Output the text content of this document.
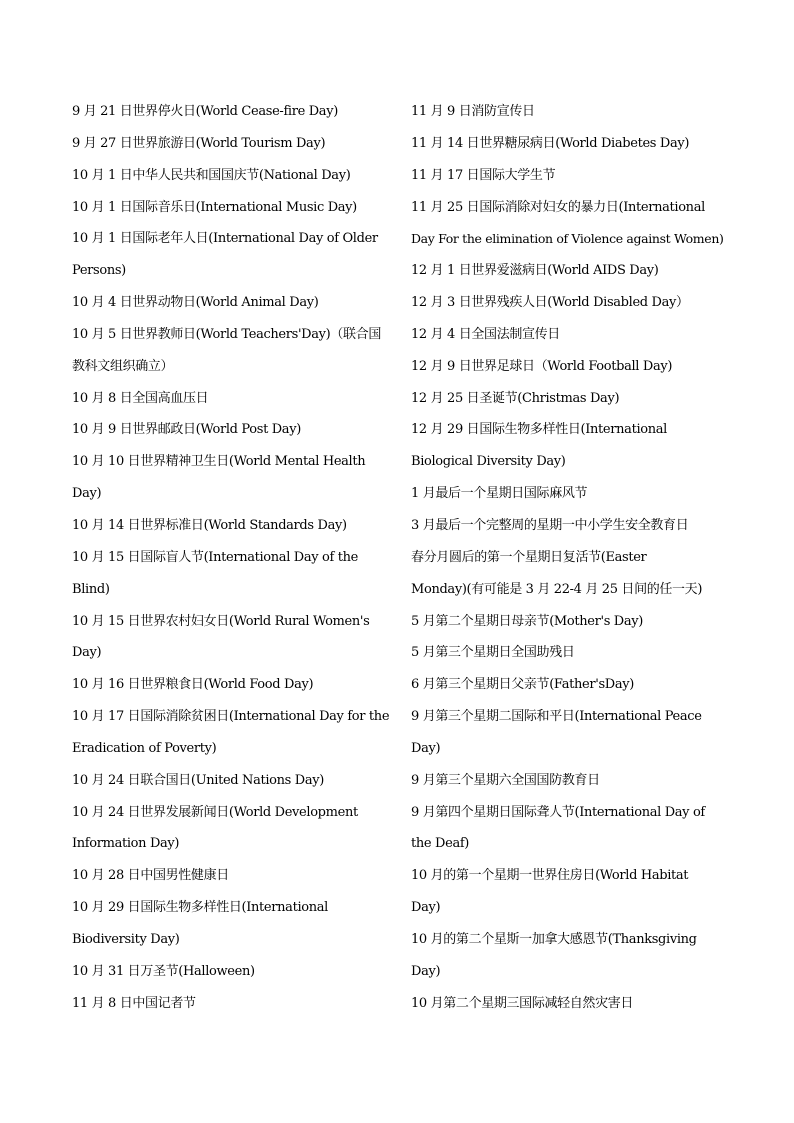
9 月 21 日世界停火日(World Cease-fire Day)
9 月 27 日世界旅游日(World Tourism Day)
10 月 1 日中华人民共和国国庆节(National Day)
10 月 1 日国际音乐日(International Music Day)
10 月 1 日国际老年人日(International Day of Older
Persons)
10 月 4 日世界动物日(World Animal Day)
10 月 5 日世界教师日(World Teachers'Day)（联合国
教科文组织确立）
10 月 8 日全国高血压日
10 月 9 日世界邮政日(World Post Day)
10 月 10 日世界精神卫生日(World Mental Health
Day)
10 月 14 日世界标准日(World Standards Day)
10 月 15 日国际盲人节(International Day of the
Blind)
10 月 15 日世界农村妇女日(World Rural Women's
Day)
10 月 16 日世界粮食日(World Food Day)
10 月 17 日国际消除贫困日(International Day for the
Eradication of Poverty)
10 月 24 日联合国日(United Nations Day)
10 月 24 日世界发展新闻日(World Development
Information Day)
10 月 28 日中国男性健康日
10 月 29 日国际生物多样性日(International
Biodiversity Day)
10 月 31 日万圣节(Halloween)
11 月 8 日中国记者节
11 月 9 日消防宣传日
11 月 14 日世界糖尿病日(World Diabetes Day)
11 月 17 日国际大学生节
11 月 25 日国际消除对妇女的暴力日(International
Day For the elimination of Violence against Women)
12 月 1 日世界爱滋病日(World AIDS Day)
12 月 3 日世界残疾人日(World Disabled Day）
12 月 4 日全国法制宣传日
12 月 9 日世界足球日（World Football Day)
12 月 25 日圣诞节(Christmas Day)
12 月 29 日国际生物多样性日(International
Biological Diversity Day)
1 月最后一个星期日国际麻风节
3 月最后一个完整周的星期一中小学生安全教育日
春分月圆后的第一个星期日复活节(Easter
Monday)(有可能是 3 月 22-4 月 25 日间的任一天)
5 月第二个星期日母亲节(Mother's Day)
5 月第三个星期日全国助残日
6 月第三个星期日父亲节(Father'sDay)
9 月第三个星期二国际和平日(International Peace
Day)
9 月第三个星期六全国国防教育日
9 月第四个星期日国际聋人节(International Day of
the Deaf)
10 月的第一个星期一世界住房日(World Habitat
Day)
10 月的第二个星斯一加拿大感恩节(Thanksgiving
Day)
10 月第二个星期三国际减轻自然灾害日
